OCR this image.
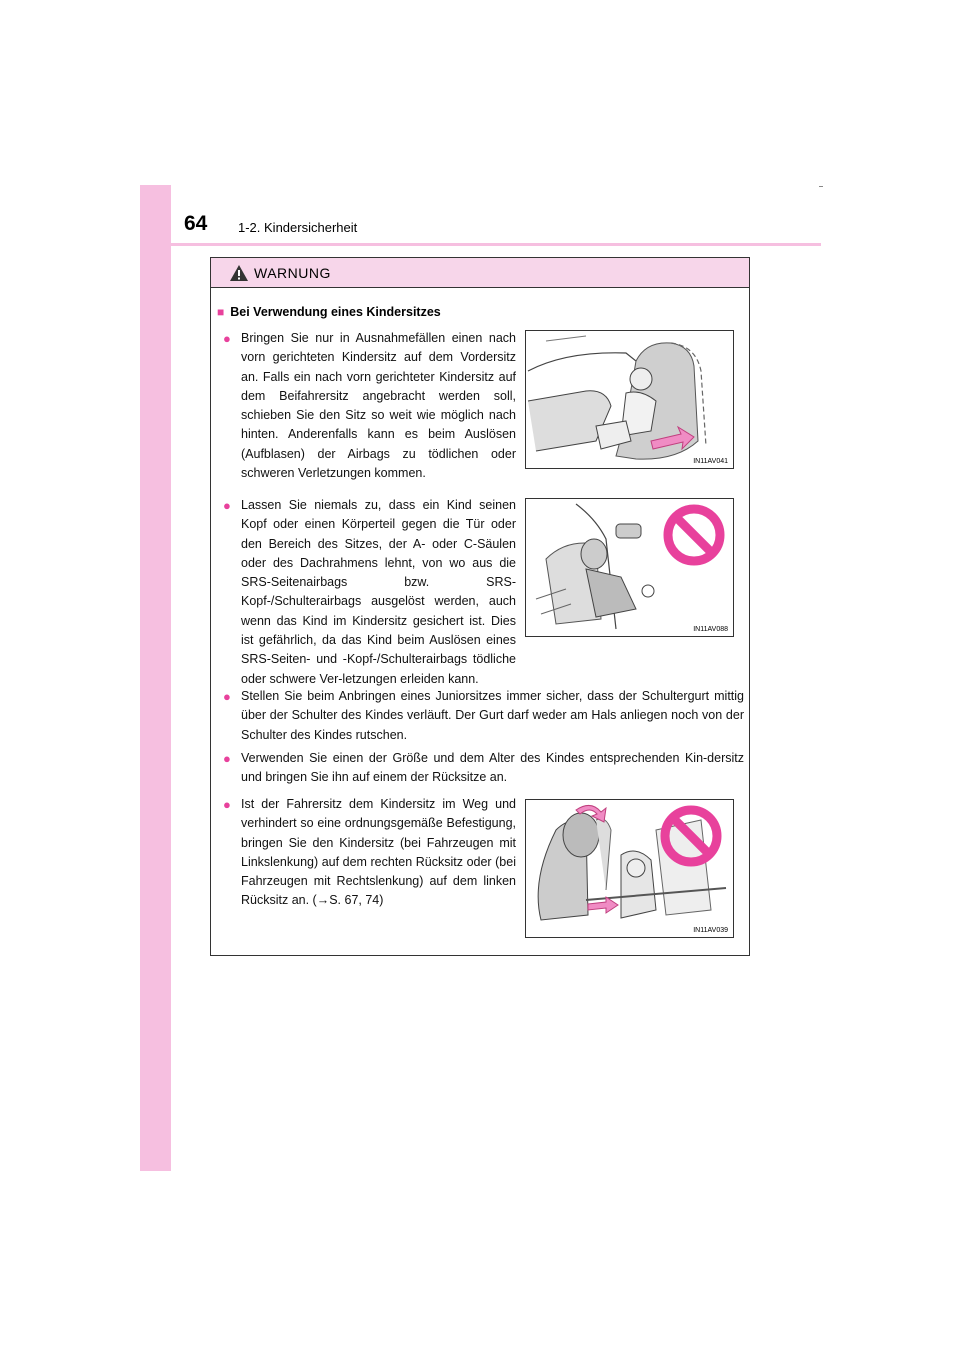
64 1-2. Kindersicherheit
WARNUNG
■ Bei Verwendung eines Kindersitzes
● Bringen Sie nur in Ausnahmefällen einen nach vorn gerichteten Kindersitz auf dem Vordersitz an. Falls ein nach vorn gerichteter Kindersitz auf dem Beifahrersitz angebracht werden soll, schieben Sie den Sitz so weit wie möglich nach hinten. Anderenfalls kann es beim Auslösen (Aufblasen) der Airbags zu tödlichen oder schweren Verletzungen kommen.
IN11AV041
● Lassen Sie niemals zu, dass ein Kind seinen Kopf oder einen Körperteil gegen die Tür oder den Bereich des Sitzes, der A- oder C-Säulen oder des Dachrahmens lehnt, von wo aus die SRS-Seitenairbags bzw. SRS-Kopf-/Schulterairbags ausgelöst werden, auch wenn das Kind im Kindersitz gesichert ist. Dies ist gefährlich, da das Kind beim Auslösen eines SRS-Seiten- und -Kopf-/Schulterairbags tödliche oder schwere Ver-letzungen erleiden kann.
IN11AV088
● Stellen Sie beim Anbringen eines Juniorsitzes immer sicher, dass der Schultergurt mittig über der Schulter des Kindes verläuft. Der Gurt darf weder am Hals anliegen noch von der Schulter des Kindes rutschen.
● Verwenden Sie einen der Größe und dem Alter des Kindes entsprechenden Kin-dersitz und bringen Sie ihn auf einem der Rücksitze an.
● Ist der Fahrersitz dem Kindersitz im Weg und verhindert so eine ordnungsgemäße Befestigung, bringen Sie den Kindersitz (bei Fahrzeugen mit Linkslenkung) auf dem rechten Rücksitz oder (bei Fahrzeugen mit Rechtslenkung) auf dem linken Rücksitz an. (→S. 67, 74)
IN11AV039
